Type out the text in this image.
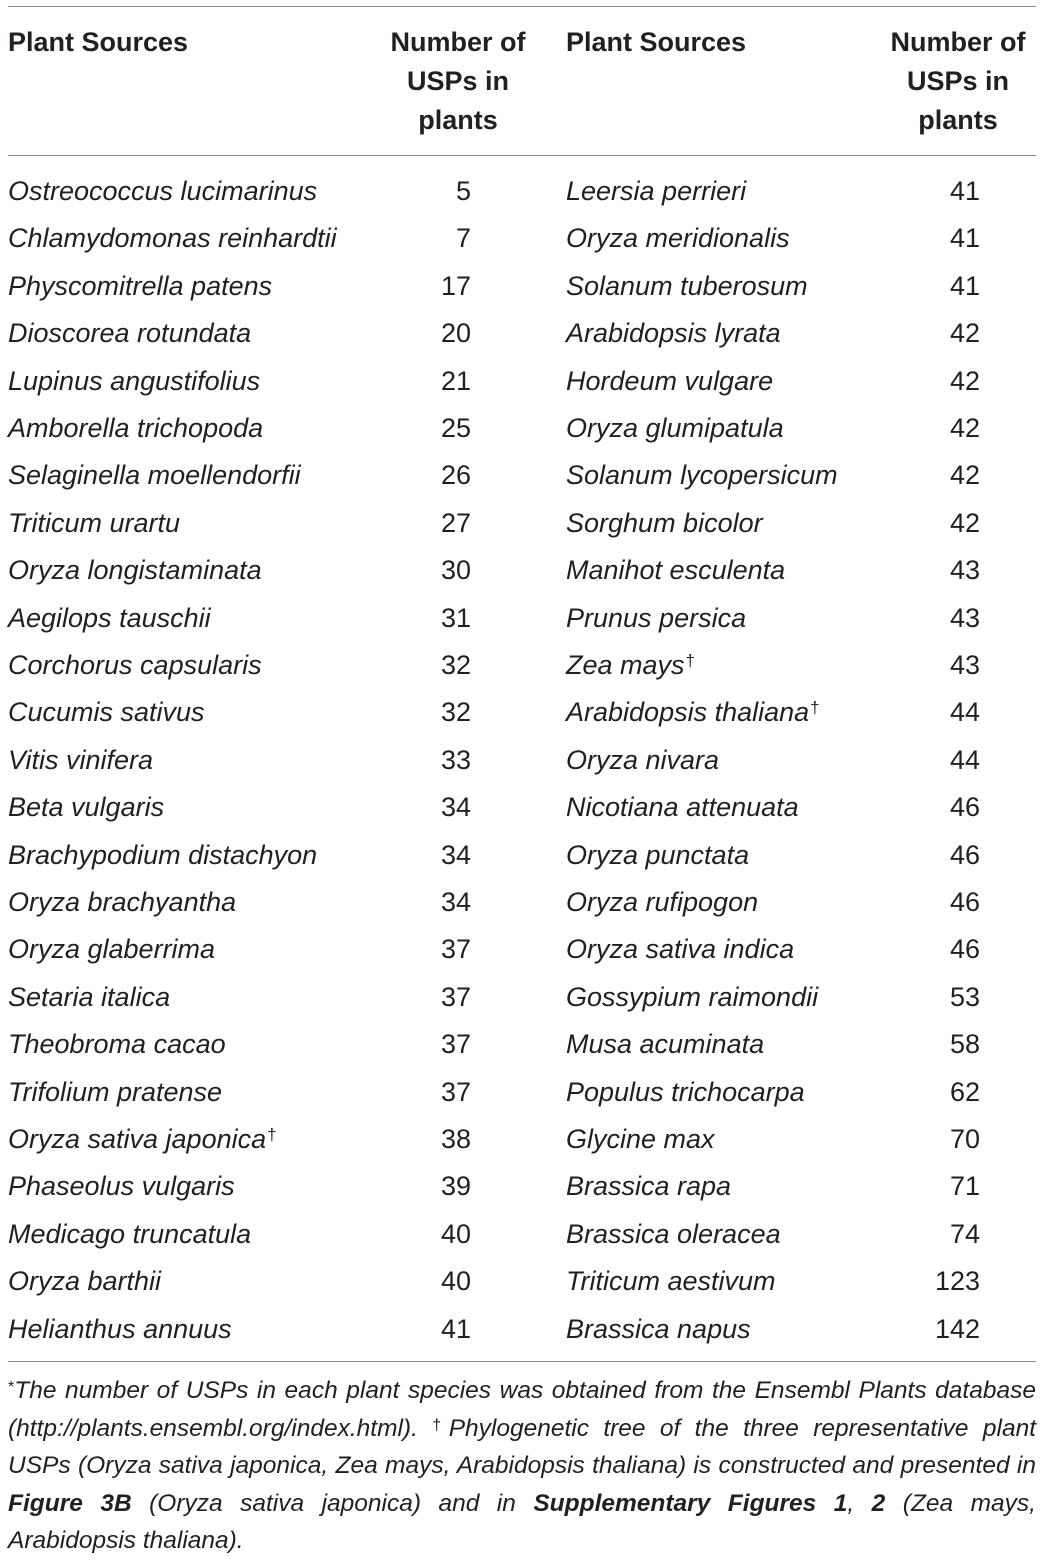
Plant Sources	Number of USPs in plants
Plant Sources	Number of USPs in plants
Ostreococcus lucimarinus	5
Chlamydomonas reinhardtii	7
Physcomitrella patens	17
Dioscorea rotundata	20
Lupinus angustifolius	21
Amborella trichopoda	25
Selaginella moellendorfii	26
Triticum urartu	27
Oryza longistaminata	30
Aegilops tauschii	31
Corchorus capsularis	32
Cucumis sativus	32
Vitis vinifera	33
Beta vulgaris	34
Brachypodium distachyon	34
Oryza brachyantha	34
Oryza glaberrima	37
Setaria italica	37
Theobroma cacao	37
Trifolium pratense	37
Oryza sativa japonica†	38
Phaseolus vulgaris	39
Medicago truncatula	40
Oryza barthii	40
Helianthus annuus	41
Leersia perrieri	41
Oryza meridionalis	41
Solanum tuberosum	41
Arabidopsis lyrata	42
Hordeum vulgare	42
Oryza glumipatula	42
Solanum lycopersicum	42
Sorghum bicolor	42
Manihot esculenta	43
Prunus persica	43
Zea mays†	43
Arabidopsis thaliana†	44
Oryza nivara	44
Nicotiana attenuata	46
Oryza punctata	46
Oryza rufipogon	46
Oryza sativa indica	46
Gossypium raimondii	53
Musa acuminata	58
Populus trichocarpa	62
Glycine max	70
Brassica rapa	71
Brassica oleracea	74
Triticum aestivum	123
Brassica napus	142
*The number of USPs in each plant species was obtained from the Ensembl Plants database (http://plants.ensembl.org/index.html). †Phylogenetic tree of the three representative plant USPs (Oryza sativa japonica, Zea mays, Arabidopsis thaliana) is constructed and presented in Figure 3B (Oryza sativa japonica) and in Supplementary Figures 1, 2 (Zea mays, Arabidopsis thaliana).
